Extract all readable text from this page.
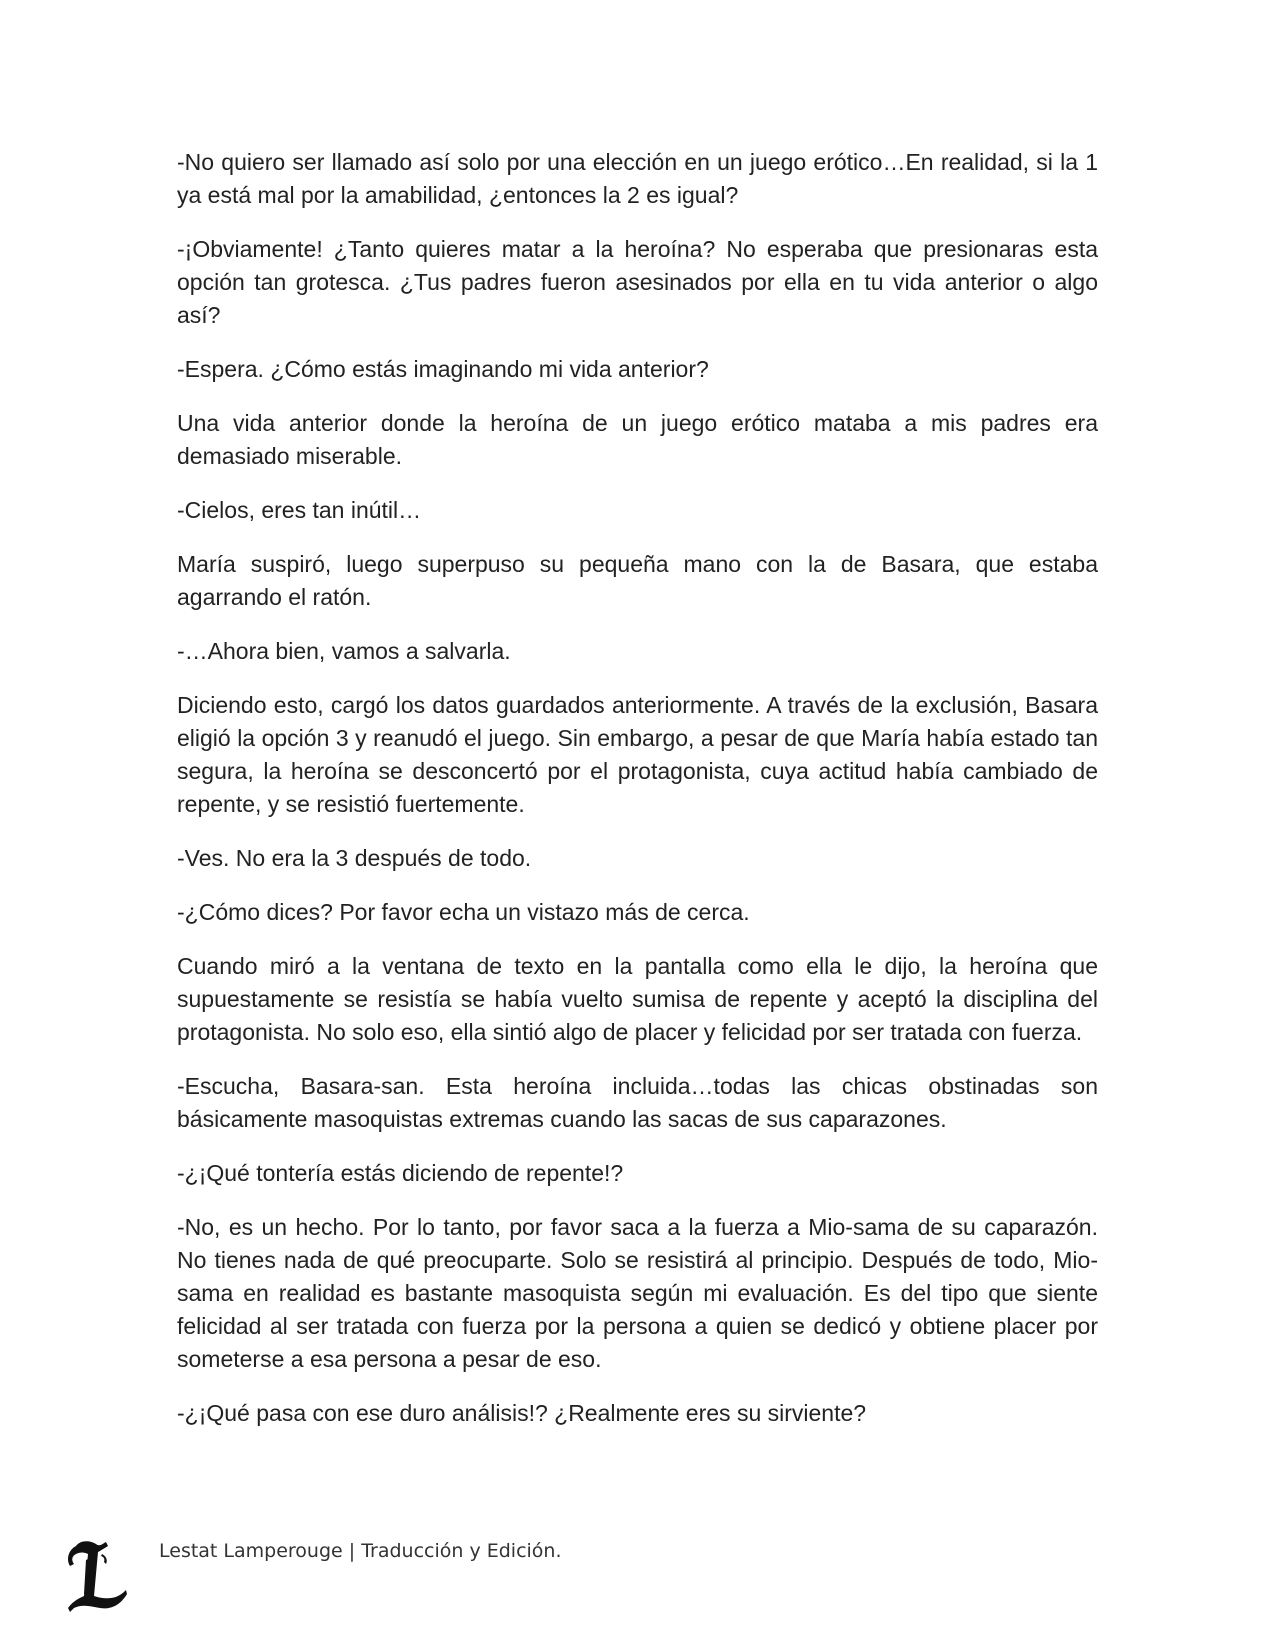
-No quiero ser llamado así solo por una elección en un juego erótico…En realidad, si la 1 ya está mal por la amabilidad, ¿entonces la 2 es igual?

-¡Obviamente! ¿Tanto quieres matar a la heroína? No esperaba que presionaras esta opción tan grotesca. ¿Tus padres fueron asesinados por ella en tu vida anterior o algo así?

-Espera. ¿Cómo estás imaginando mi vida anterior?

Una vida anterior donde la heroína de un juego erótico mataba a mis padres era demasiado miserable.

-Cielos, eres tan inútil…

María suspiró, luego superpuso su pequeña mano con la de Basara, que estaba agarrando el ratón.

-…Ahora bien, vamos a salvarla.

Diciendo esto, cargó los datos guardados anteriormente. A través de la exclusión, Basara eligió la opción 3 y reanudó el juego. Sin embargo, a pesar de que María había estado tan segura, la heroína se desconcertó por el protagonista, cuya actitud había cambiado de repente, y se resistió fuertemente.

-Ves. No era la 3 después de todo.

-¿Cómo dices? Por favor echa un vistazo más de cerca.

Cuando miró a la ventana de texto en la pantalla como ella le dijo, la heroína que supuestamente se resistía se había vuelto sumisa de repente y aceptó la disciplina del protagonista. No solo eso, ella sintió algo de placer y felicidad por ser tratada con fuerza.

-Escucha, Basara-san. Esta heroína incluida…todas las chicas obstinadas son básicamente masoquistas extremas cuando las sacas de sus caparazones.

-¿¡Qué tontería estás diciendo de repente!?

-No, es un hecho. Por lo tanto, por favor saca a la fuerza a Mio-sama de su caparazón. No tienes nada de qué preocuparte. Solo se resistirá al principio. Después de todo, Mio-sama en realidad es bastante masoquista según mi evaluación. Es del tipo que siente felicidad al ser tratada con fuerza por la persona a quien se dedicó y obtiene placer por someterse a esa persona a pesar de eso.

-¿¡Qué pasa con ese duro análisis!? ¿Realmente eres su sirviente?

Lestat Lamperouge | Traducción y Edición.
